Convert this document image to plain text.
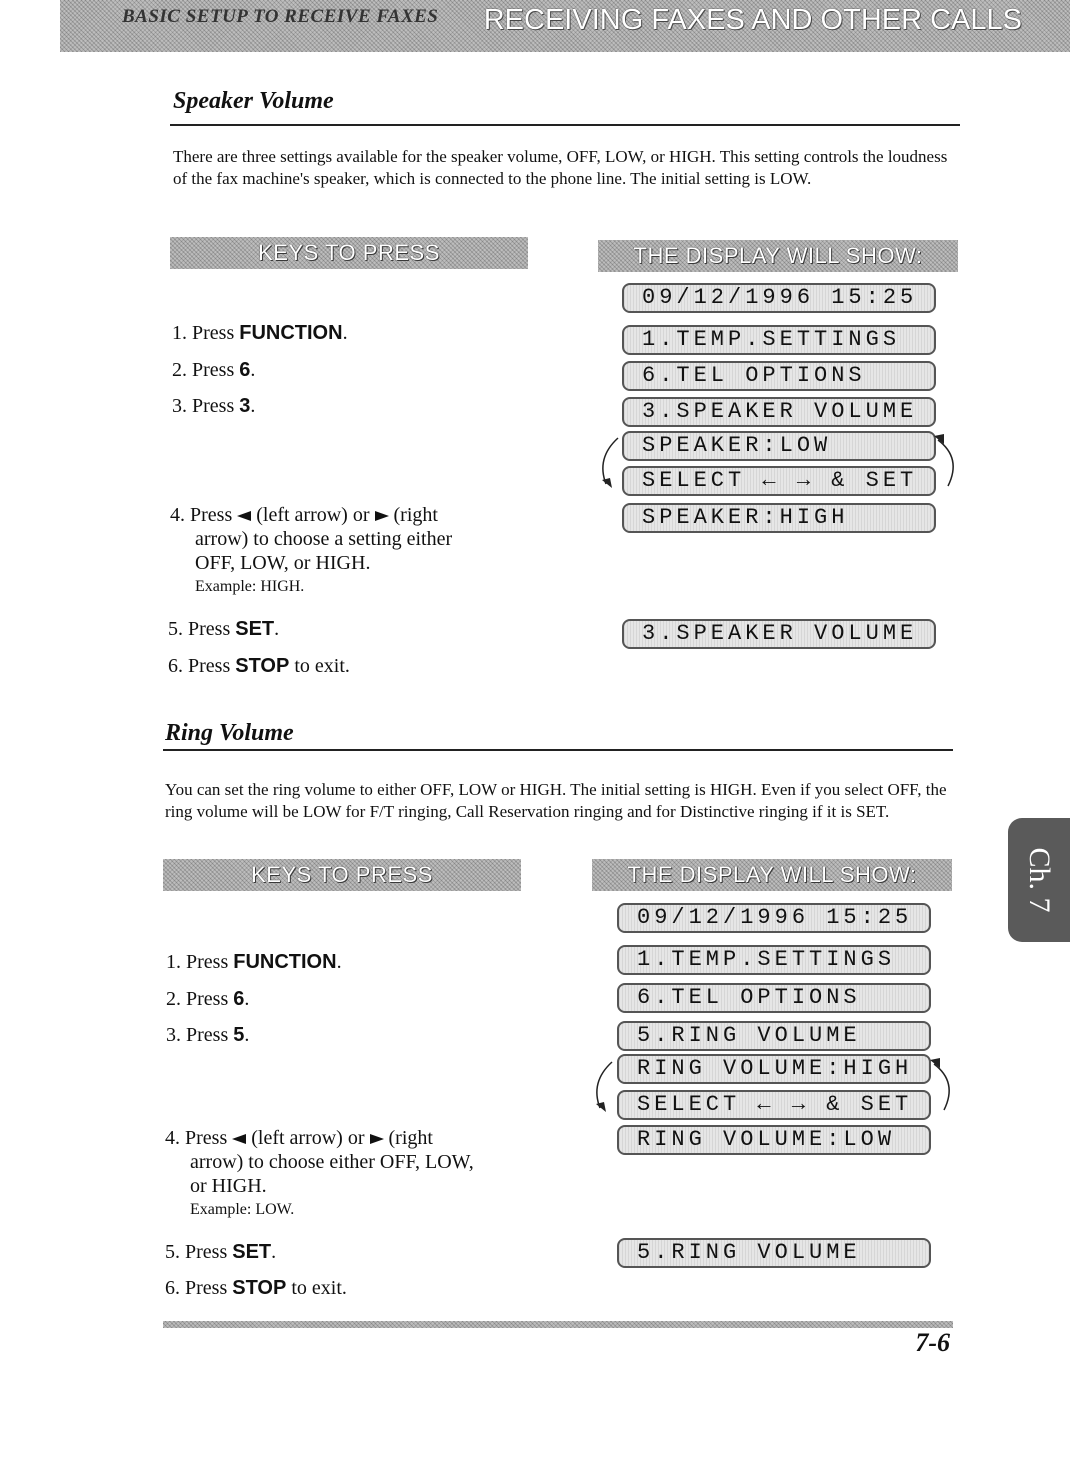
BASIC SETUP TO RECEIVE FAXES RECEIVING FAXES AND OTHER CALLS
Speaker Volume
There are three settings available for the speaker volume, OFF, LOW, or HIGH. This setting controls the loudness of the fax machine's speaker, which is connected to the phone line. The initial setting is LOW.
KEYS TO PRESS	THE DISPLAY WILL SHOW:
1. Press FUNCTION.
2. Press 6.
3. Press 3.
4. Press (left arrow) or (right
arrow) to choose a setting either
OFF, LOW, or HIGH.
Example: HIGH.
5. Press SET.
6. Press STOP to exit.
09/12/1996 15:25
1.TEMP.SETTINGS
6.TEL OPTIONS
3.SPEAKER VOLUME
SPEAKER:LOW
SELECT ← → & SET
SPEAKER:HIGH
3.SPEAKER VOLUME
Ring Volume
You can set the ring volume to either OFF, LOW or HIGH. The initial setting is HIGH. Even if you select OFF, the ring volume will be LOW for F/T ringing, Call Reservation ringing and for Distinctive ringing if it is SET.
KEYS TO PRESS	THE DISPLAY WILL SHOW:
1. Press FUNCTION.
2. Press 6.
3. Press 5.
4. Press (left arrow) or (right
arrow) to choose either OFF, LOW,
or HIGH.
Example: LOW.
5. Press SET.
6. Press STOP to exit.
09/12/1996 15:25
1.TEMP.SETTINGS
6.TEL OPTIONS
5.RING VOLUME
RING VOLUME:HIGH
SELECT ← → & SET
RING VOLUME:LOW
5.RING VOLUME
Ch. 7
7-6
